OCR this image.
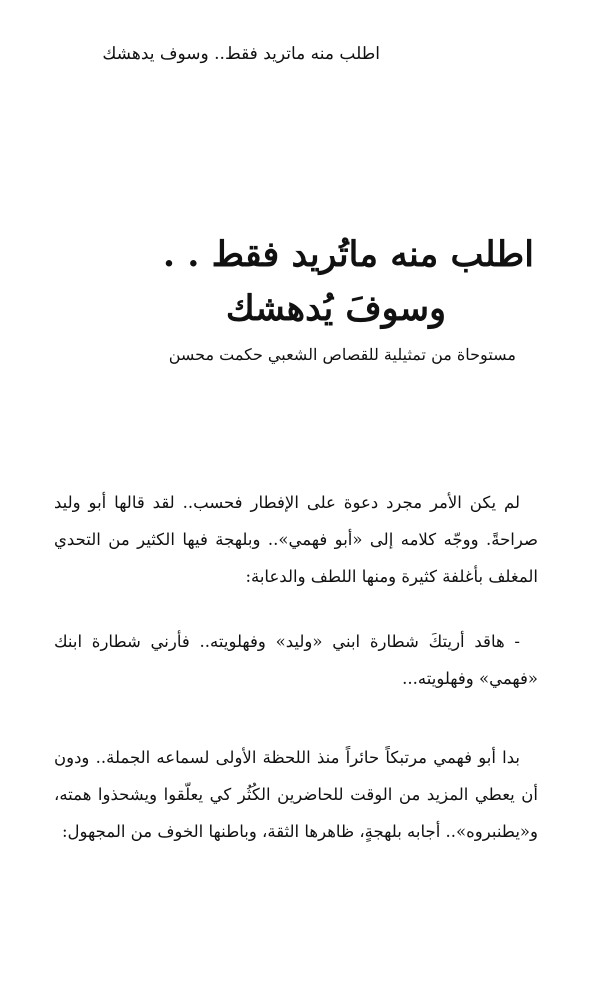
اطلب منه ماتريد فقط.. وسوف يدهشك
اطلب منه ماتُريد فقط . .
وسوفَ يُدهشك
مستوحاة من تمثيلية للقصاص الشعبي حكمت محسن

لم يكن الأمر مجرد دعوة على الإفطار فحسب.. لقد قالها أبو وليد صراحةً. ووجّه كلامه إلى «أبو فهمي».. وبلهجة فيها الكثير من التحدي المغلف بأغلفة كثيرة ومنها اللطف والدعابة:

- هاقد أريتكَ شطارة ابني «وليد» وفهلويته.. فأرني شطارة ابنك «فهمي» وفهلويته...

بدا أبو فهمي مرتبكاً حائراً منذ اللحظة الأولى لسماعه الجملة.. ودون أن يعطي المزيد من الوقت للحاضرين الكُثُر كي يعلّقوا ويشحذوا همته، و«يطنبروه».. أجابه بلهجةٍ، ظاهرها الثقة، وباطنها الخوف من المجهول:
